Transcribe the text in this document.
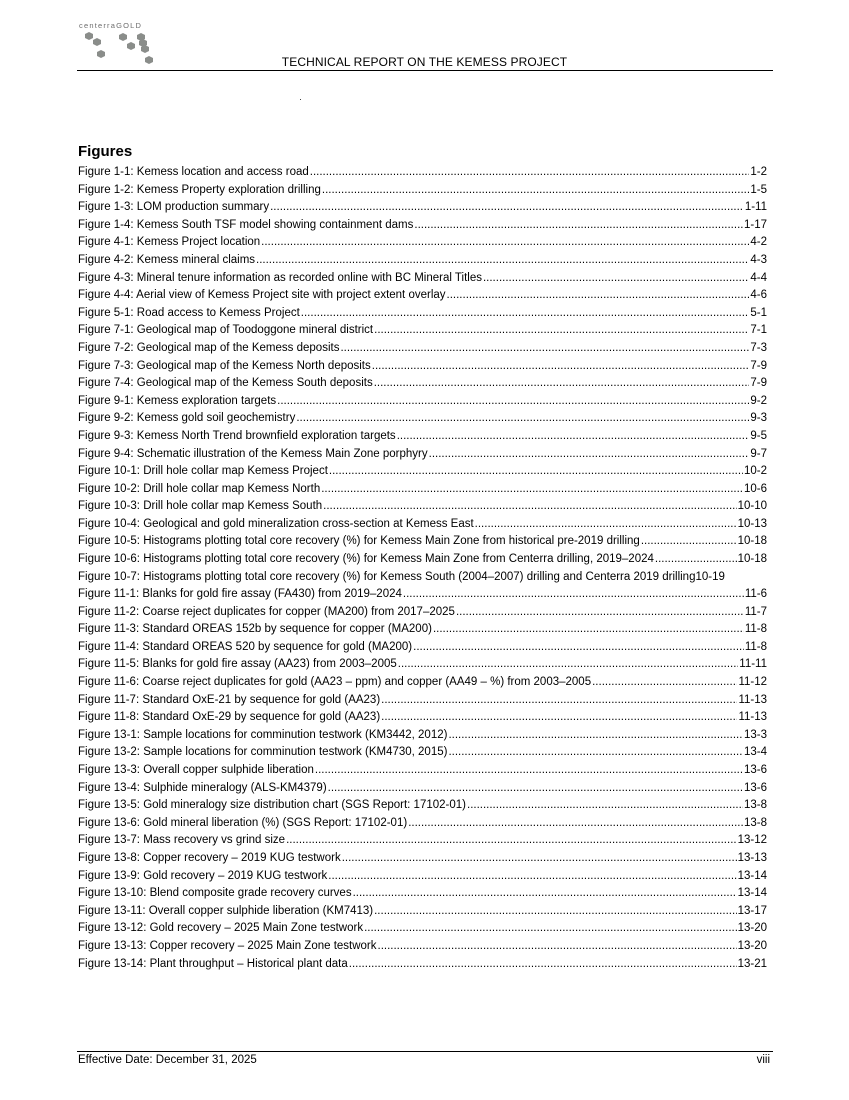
centerraGOLD
TECHNICAL REPORT ON THE KEMESS PROJECT
Figures
Figure 1-1: Kemess location and access road .....	1-2
Figure 1-2: Kemess Property exploration drilling .....	1-5
Figure 1-3: LOM production summary .....	1-11
Figure 1-4: Kemess South TSF model showing containment dams .....	1-17
Figure 4-1: Kemess Project location .....	4-2
Figure 4-2: Kemess mineral claims .....	4-3
Figure 4-3: Mineral tenure information as recorded online with BC Mineral Titles .....	4-4
Figure 4-4: Aerial view of Kemess Project site with project extent overlay .....	4-6
Figure 5-1: Road access to Kemess Project .....	5-1
Figure 7-1: Geological map of Toodoggone mineral district .....	7-1
Figure 7-2: Geological map of the Kemess deposits .....	7-3
Figure 7-3: Geological map of the Kemess North deposits .....	7-9
Figure 7-4: Geological map of the Kemess South deposits .....	7-9
Figure 9-1: Kemess exploration targets .....	9-2
Figure 9-2: Kemess gold soil geochemistry .....	9-3
Figure 9-3: Kemess North Trend brownfield exploration targets .....	9-5
Figure 9-4: Schematic illustration of the Kemess Main Zone porphyry .....	9-7
Figure 10-1: Drill hole collar map Kemess Project .....	10-2
Figure 10-2: Drill hole collar map Kemess North .....	10-6
Figure 10-3: Drill hole collar map Kemess South .....	10-10
Figure 10-4: Geological and gold mineralization cross-section at Kemess East .....	10-13
Figure 10-5: Histograms plotting total core recovery (%) for Kemess Main Zone from historical pre-2019 drilling .....	10-18
Figure 10-6: Histograms plotting total core recovery (%) for Kemess Main Zone from Centerra drilling, 2019–2024 .....	10-18
Figure 10-7: Histograms plotting total core recovery (%) for Kemess South (2004–2007) drilling and Centerra 2019 drilling 10-19
Figure 11-1: Blanks for gold fire assay (FA430) from 2019–2024 .....	11-6
Figure 11-2: Coarse reject duplicates for copper (MA200) from 2017–2025 .....	11-7
Figure 11-3: Standard OREAS 152b by sequence for copper (MA200) .....	11-8
Figure 11-4: Standard OREAS 520 by sequence for gold (MA200) .....	11-8
Figure 11-5: Blanks for gold fire assay (AA23) from 2003–2005 .....	11-11
Figure 11-6: Coarse reject duplicates for gold (AA23 – ppm) and copper (AA49 – %) from 2003–2005 .....	11-12
Figure 11-7: Standard OxE-21 by sequence for gold (AA23) .....	11-13
Figure 11-8: Standard OxE-29 by sequence for gold (AA23) .....	11-13
Figure 13-1: Sample locations for comminution testwork (KM3442, 2012) .....	13-3
Figure 13-2: Sample locations for comminution testwork (KM4730, 2015) .....	13-4
Figure 13-3: Overall copper sulphide liberation .....	13-6
Figure 13-4: Sulphide mineralogy (ALS-KM4379) .....	13-6
Figure 13-5: Gold mineralogy size distribution chart (SGS Report: 17102-01) .....	13-8
Figure 13-6: Gold mineral liberation (%) (SGS Report: 17102-01) .....	13-8
Figure 13-7: Mass recovery vs grind size .....	13-12
Figure 13-8: Copper recovery – 2019 KUG testwork .....	13-13
Figure 13-9: Gold recovery – 2019 KUG testwork .....	13-14
Figure 13-10: Blend composite grade recovery curves .....	13-14
Figure 13-11: Overall copper sulphide liberation (KM7413) .....	13-17
Figure 13-12: Gold recovery – 2025 Main Zone testwork .....	13-20
Figure 13-13: Copper recovery – 2025 Main Zone testwork .....	13-20
Figure 13-14: Plant throughput – Historical plant data .....	13-21
Effective Date: December 31, 2025	viii
